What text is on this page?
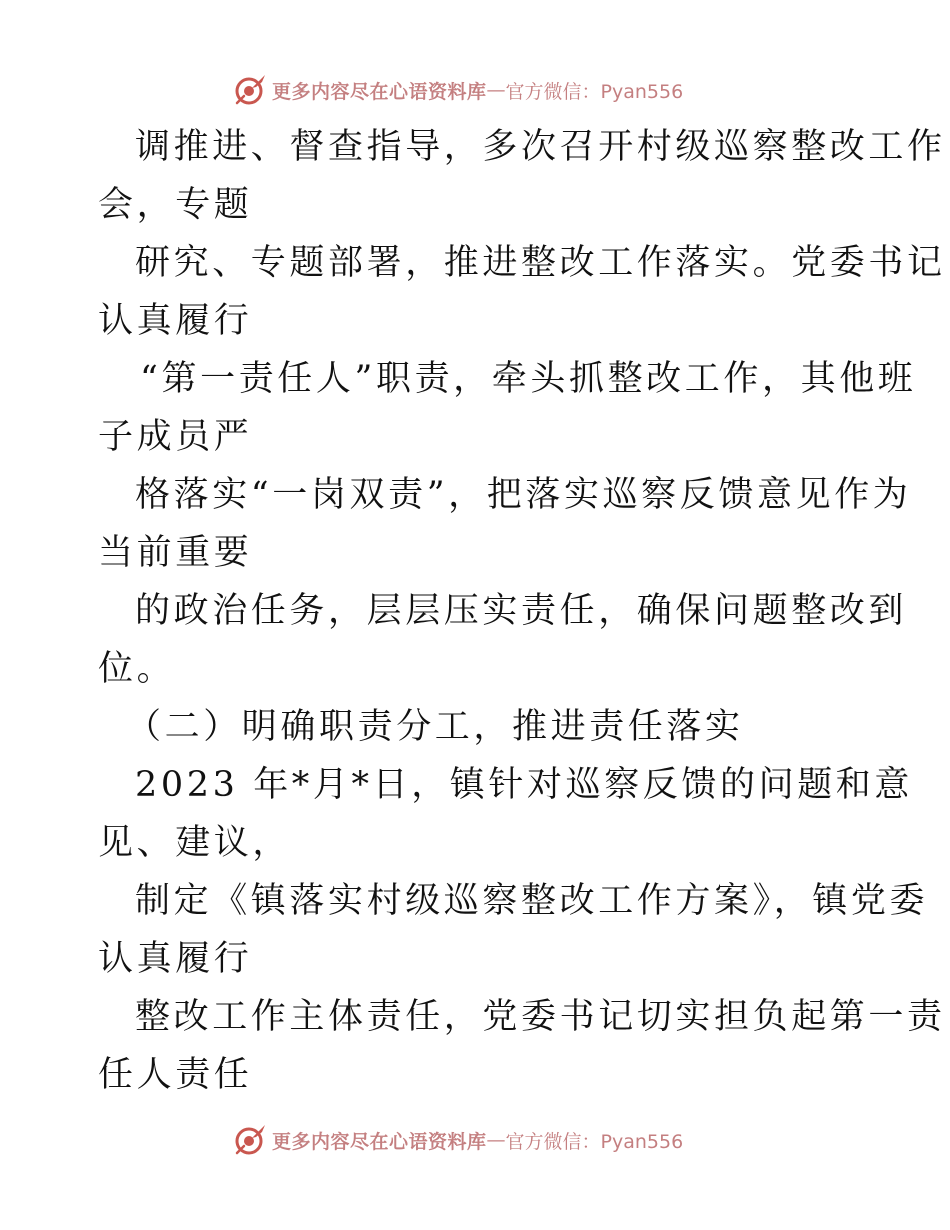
更多内容尽在心语资料库 — 官方微信：Pyan556
调推进、督查指导，多次召开村级巡察整改工作
会，专题
研究、专题部署，推进整改工作落实。党委书记
认真履行
“第一责任人”职责，牵头抓整改工作，其他班
子成员严
格落实“一岗双责”，把落实巡察反馈意见作为
当前重要
的政治任务，层层压实责任，确保问题整改到
位。
（二）明确职责分工，推进责任落实
2023 年*月*日，镇针对巡察反馈的问题和意
见、建议，
制定《镇落实村级巡察整改工作方案》，镇党委
认真履行
整改工作主体责任，党委书记切实担负起第一责
任人责任
更多内容尽在心语资料库 — 官方微信：Pyan556
